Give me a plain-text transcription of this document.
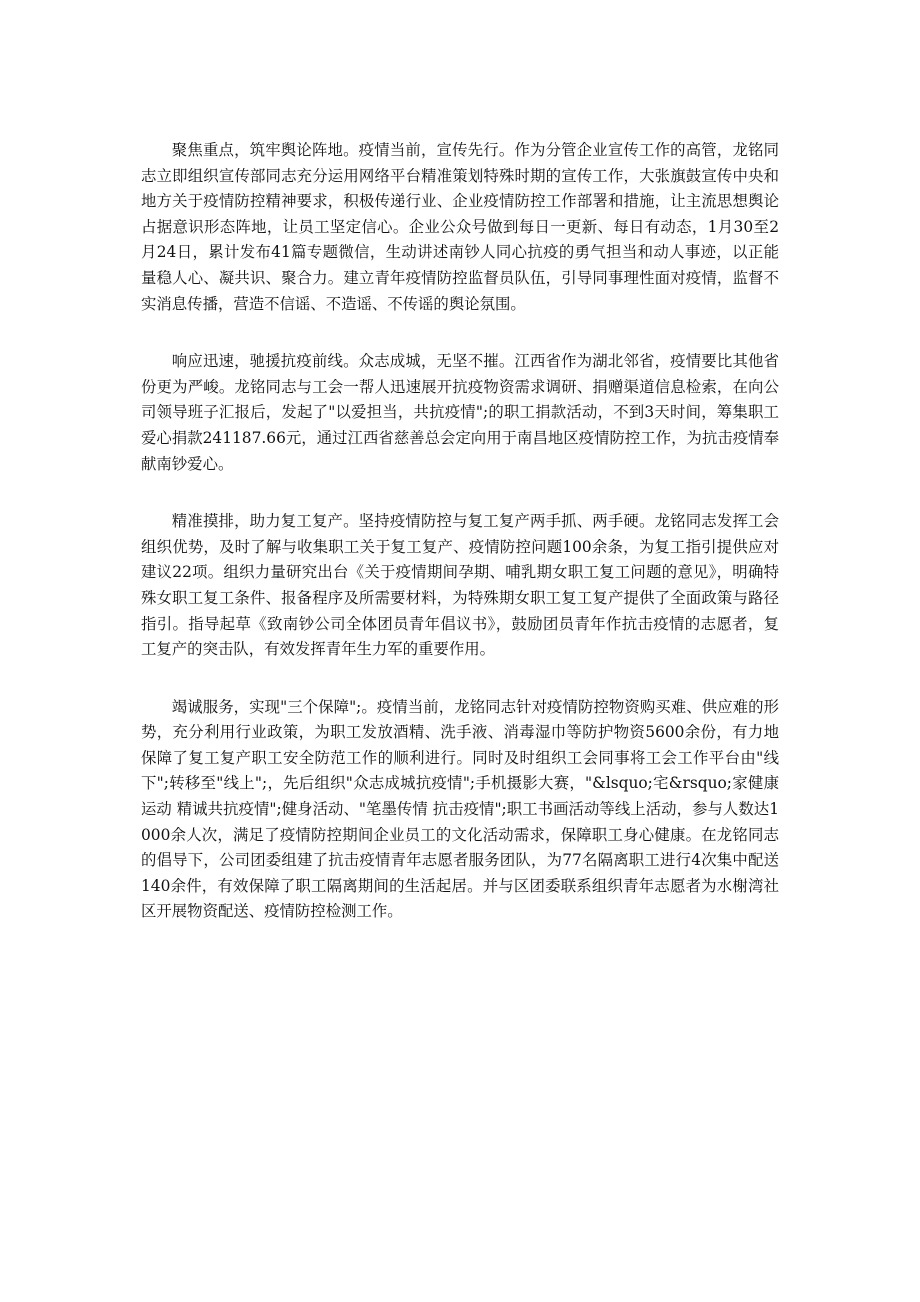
聚焦重点，筑牢舆论阵地。疫情当前，宣传先行。作为分管企业宣传工作的高管，龙铭同志立即组织宣传部同志充分运用网络平台精准策划特殊时期的宣传工作，大张旗鼓宣传中央和地方关于疫情防控精神要求，积极传递行业、企业疫情防控工作部署和措施，让主流思想舆论占据意识形态阵地，让员工坚定信心。企业公众号做到每日一更新、每日有动态，1月30至2月24日，累计发布41篇专题微信，生动讲述南钞人同心抗疫的勇气担当和动人事迹，以正能量稳人心、凝共识、聚合力。建立青年疫情防控监督员队伍，引导同事理性面对疫情，监督不实消息传播，营造不信谣、不造谣、不传谣的舆论氛围。

响应迅速，驰援抗疫前线。众志成城，无坚不摧。江西省作为湖北邻省，疫情要比其他省份更为严峻。龙铭同志与工会一帮人迅速展开抗疫物资需求调研、捐赠渠道信息检索，在向公司领导班子汇报后，发起了"以爱担当，共抗疫情";的职工捐款活动，不到3天时间，筹集职工爱心捐款241187.66元，通过江西省慈善总会定向用于南昌地区疫情防控工作，为抗击疫情奉献南钞爱心。

精准摸排，助力复工复产。坚持疫情防控与复工复产两手抓、两手硬。龙铭同志发挥工会组织优势，及时了解与收集职工关于复工复产、疫情防控问题100余条，为复工指引提供应对建议22项。组织力量研究出台《关于疫情期间孕期、哺乳期女职工复工问题的意见》，明确特殊女职工复工条件、报备程序及所需要材料，为特殊期女职工复工复产提供了全面政策与路径指引。指导起草《致南钞公司全体团员青年倡议书》，鼓励团员青年作抗击疫情的志愿者，复工复产的突击队，有效发挥青年生力军的重要作用。

竭诚服务，实现"三个保障";。疫情当前，龙铭同志针对疫情防控物资购买难、供应难的形势，充分利用行业政策，为职工发放酒精、洗手液、消毒湿巾等防护物资5600余份，有力地保障了复工复产职工安全防范工作的顺利进行。同时及时组织工会同事将工会工作平台由"线下";转移至"线上";，先后组织"众志成城抗疫情";手机摄影大赛，"&lsquo;宅&rsquo;家健康运动 精诚共抗疫情";健身活动、"笔墨传情 抗击疫情";职工书画活动等线上活动，参与人数达1000余人次，满足了疫情防控期间企业员工的文化活动需求，保障职工身心健康。在龙铭同志的倡导下，公司团委组建了抗击疫情青年志愿者服务团队，为77名隔离职工进行4次集中配送140余件，有效保障了职工隔离期间的生活起居。并与区团委联系组织青年志愿者为水榭湾社区开展物资配送、疫情防控检测工作。
